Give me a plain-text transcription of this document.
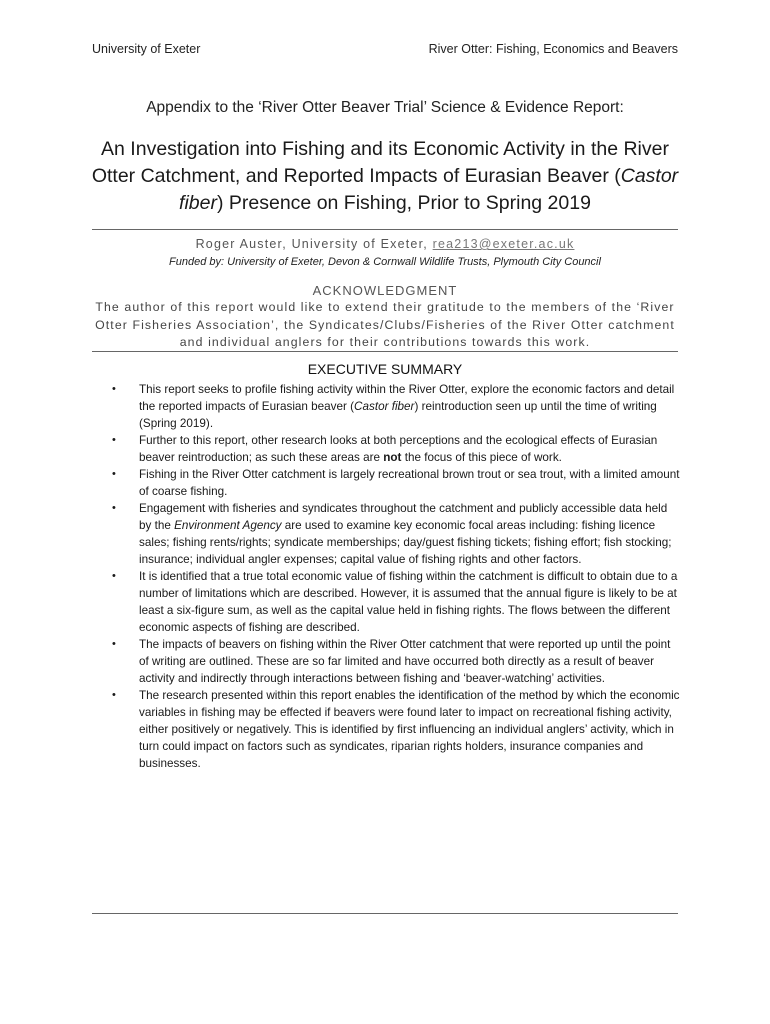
University of Exeter	River Otter: Fishing, Economics and Beavers
Appendix to the ‘River Otter Beaver Trial’ Science & Evidence Report:
An Investigation into Fishing and its Economic Activity in the River Otter Catchment, and Reported Impacts of Eurasian Beaver (Castor fiber) Presence on Fishing, Prior to Spring 2019
Roger Auster, University of Exeter, rea213@exeter.ac.uk
Funded by: University of Exeter, Devon & Cornwall Wildlife Trusts, Plymouth City Council
ACKNOWLEDGMENT
The author of this report would like to extend their gratitude to the members of the ‘River Otter Fisheries Association’, the Syndicates/Clubs/Fisheries of the River Otter catchment and individual anglers for their contributions towards this work.
EXECUTIVE SUMMARY
• This report seeks to profile fishing activity within the River Otter, explore the economic factors and detail the reported impacts of Eurasian beaver (Castor fiber) reintroduction seen up until the time of writing (Spring 2019).
• Further to this report, other research looks at both perceptions and the ecological effects of Eurasian beaver reintroduction; as such these areas are not the focus of this piece of work.
• Fishing in the River Otter catchment is largely recreational brown trout or sea trout, with a limited amount of coarse fishing.
• Engagement with fisheries and syndicates throughout the catchment and publicly accessible data held by the Environment Agency are used to examine key economic focal areas including: fishing licence sales; fishing rents/rights; syndicate memberships; day/guest fishing tickets; fishing effort; fish stocking; insurance; individual angler expenses; capital value of fishing rights and other factors.
• It is identified that a true total economic value of fishing within the catchment is difficult to obtain due to a number of limitations which are described. However, it is assumed that the annual figure is likely to be at least a six-figure sum, as well as the capital value held in fishing rights. The flows between the different economic aspects of fishing are described.
• The impacts of beavers on fishing within the River Otter catchment that were reported up until the point of writing are outlined. These are so far limited and have occurred both directly as a result of beaver activity and indirectly through interactions between fishing and ‘beaver-watching’ activities.
• The research presented within this report enables the identification of the method by which the economic variables in fishing may be effected if beavers were found later to impact on recreational fishing activity, either positively or negatively. This is identified by first influencing an individual anglers’ activity, which in turn could impact on factors such as syndicates, riparian rights holders, insurance companies and businesses.
